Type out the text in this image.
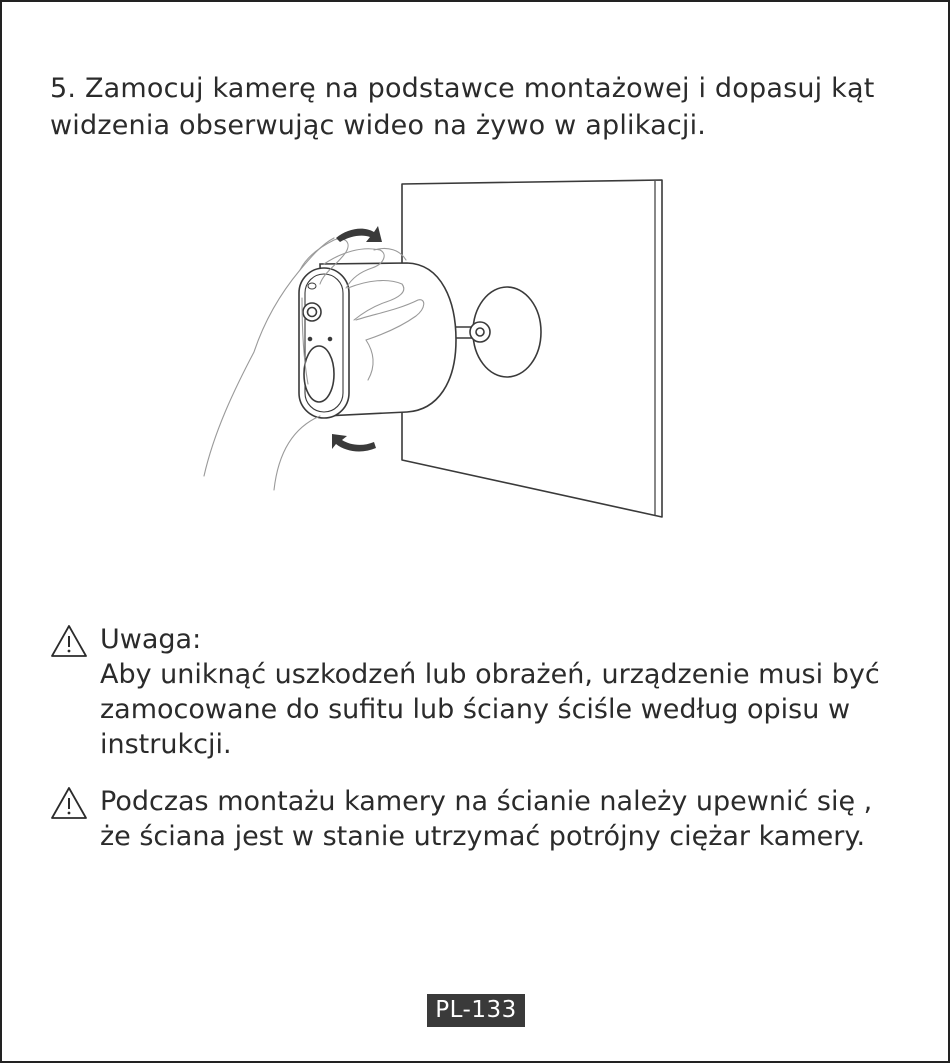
5. Zamocuj kamerę na podstawce montażowej i dopasuj kąt
widzenia obserwując wideo na żywo w aplikacji.

Uwaga:
Aby uniknąć uszkodzeń lub obrażeń, urządzenie musi być
zamocowane do sufitu lub ściany ściśle według opisu w
instrukcji.
Podczas montażu kamery na ścianie należy upewnić się ,
że ściana jest w stanie utrzymać potrójny ciężar kamery.
PL-133
